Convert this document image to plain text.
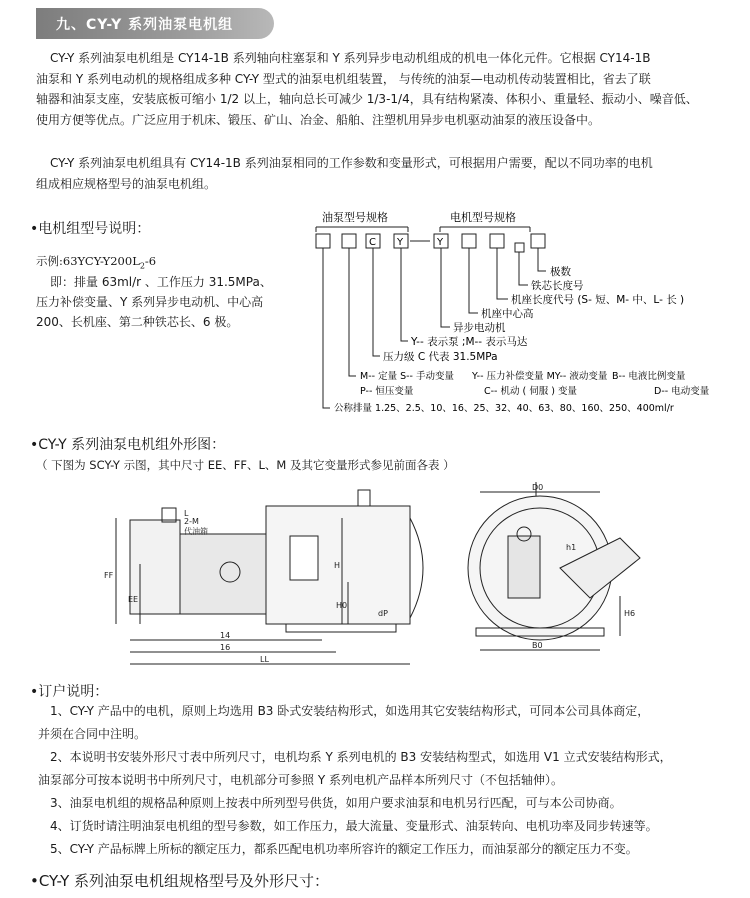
九、CY-Y 系列油泵电机组
CY-Y 系列油泵电机组是 CY14-1B 系列轴向柱塞泵和 Y 系列异步电动机组成的机电一体化元件。它根据 CY14-1B
油泵和 Y 系列电动机的规格组成多种 CY-Y 型式的油泵电机组装置， 与传统的油泵—电动机传动装置相比，省去了联
轴器和油泵支座，安装底板可缩小 1/2 以上，轴向总长可减少 1/3-1/4，具有结构紧凑、体积小、重量轻、振动小、噪音低、
使用方便等优点。广泛应用于机床、锻压、矿山、冶金、船舶、注塑机用异步电机驱动油泵的液压设备中。
CY-Y 系列油泵电机组具有 CY14-1B 系列油泵相同的工作参数和变量形式，可根据用户需要，配以不同功率的电机
组成相应规格型号的油泵电机组。
•电机组型号说明：
示例$:63YCY-Y200L_2-6$
即：排量 63ml/r 、工作压力 31.5MPa、
压力补偿变量、Y 系列异步电动机、中心高
200、长机座、第二种铁芯长、6 极。
油泵型号规格	电机型号规格
C Y	Y
极数
铁芯长度号
机座长度代号 (S- 短、M- 中、L- 长 )
机座中心高
异步电动机
Y-- 表示泵 ;M-- 表示马达
压力级 C 代表 31.5MPa
M-- 定量 S-- 手动变量 Y-- 压力补偿变量 MY-- 液动变量 B-- 电液比例变量
P-- 恒压变量	C-- 机动 ( 伺服 ) 变量	D-- 电动变量
公称排量 1.25、2.5、10、16、25、32、40、63、80、160、250、400ml/r
•CY-Y 系列油泵电机组外形图：
（ 下图为 SCY-Y 示图，其中尺寸 EE、FF、L、M 及其它变量形式参见前面各表 ）
2-M
L
FF
EE
H
H0
dP
14
16
LL
D0
B0
h1
H6
代油箱
•订户说明：
1、CY-Y 产品中的电机，原则上均选用 B3 卧式安装结构形式，如选用其它安装结构形式，可同本公司具体商定，
并须在合同中注明。
2、本说明书安装外形尺寸表中所列尺寸，电机均系 Y 系列电机的 B3 安装结构型式，如选用 V1 立式安装结构形式，
油泵部分可按本说明书中所列尺寸，电机部分可参照 Y 系列电机产品样本所列尺寸（不包括轴伸）。
3、油泵电机组的规格品种原则上按表中所列型号供货，如用户要求油泵和电机另行匹配，可与本公司协商。
4、订货时请注明油泵电机组的型号参数，如工作压力，最大流量、变量形式、油泵转向、电机功率及同步转速等。
5、CY-Y 产品标牌上所标的额定压力，都系匹配电机功率所容许的额定工作压力，而油泵部分的额定压力不变。
•CY-Y 系列油泵电机组规格型号及外形尺寸：
